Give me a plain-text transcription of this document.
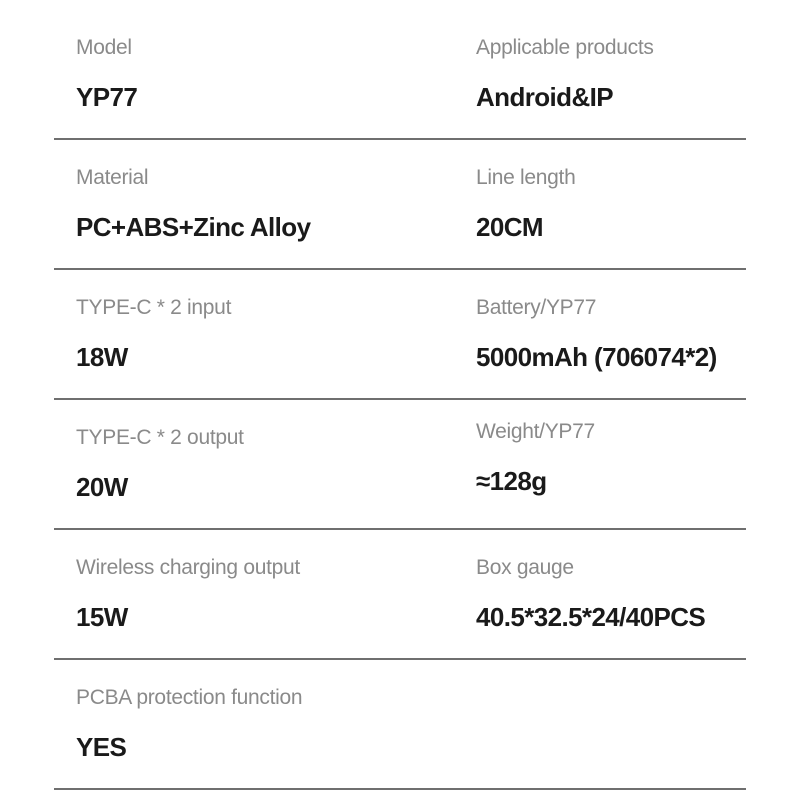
Model
YP77
Applicable products
Android&IP
Material
PC+ABS+Zinc Alloy
Line length
20CM
TYPE-C * 2 input
18W
Battery/YP77
5000mAh (706074*2)
TYPE-C * 2 output
20W
Weight/YP77
≈128g
Wireless charging output
15W
Box gauge
40.5*32.5*24/40PCS
PCBA protection function
YES
